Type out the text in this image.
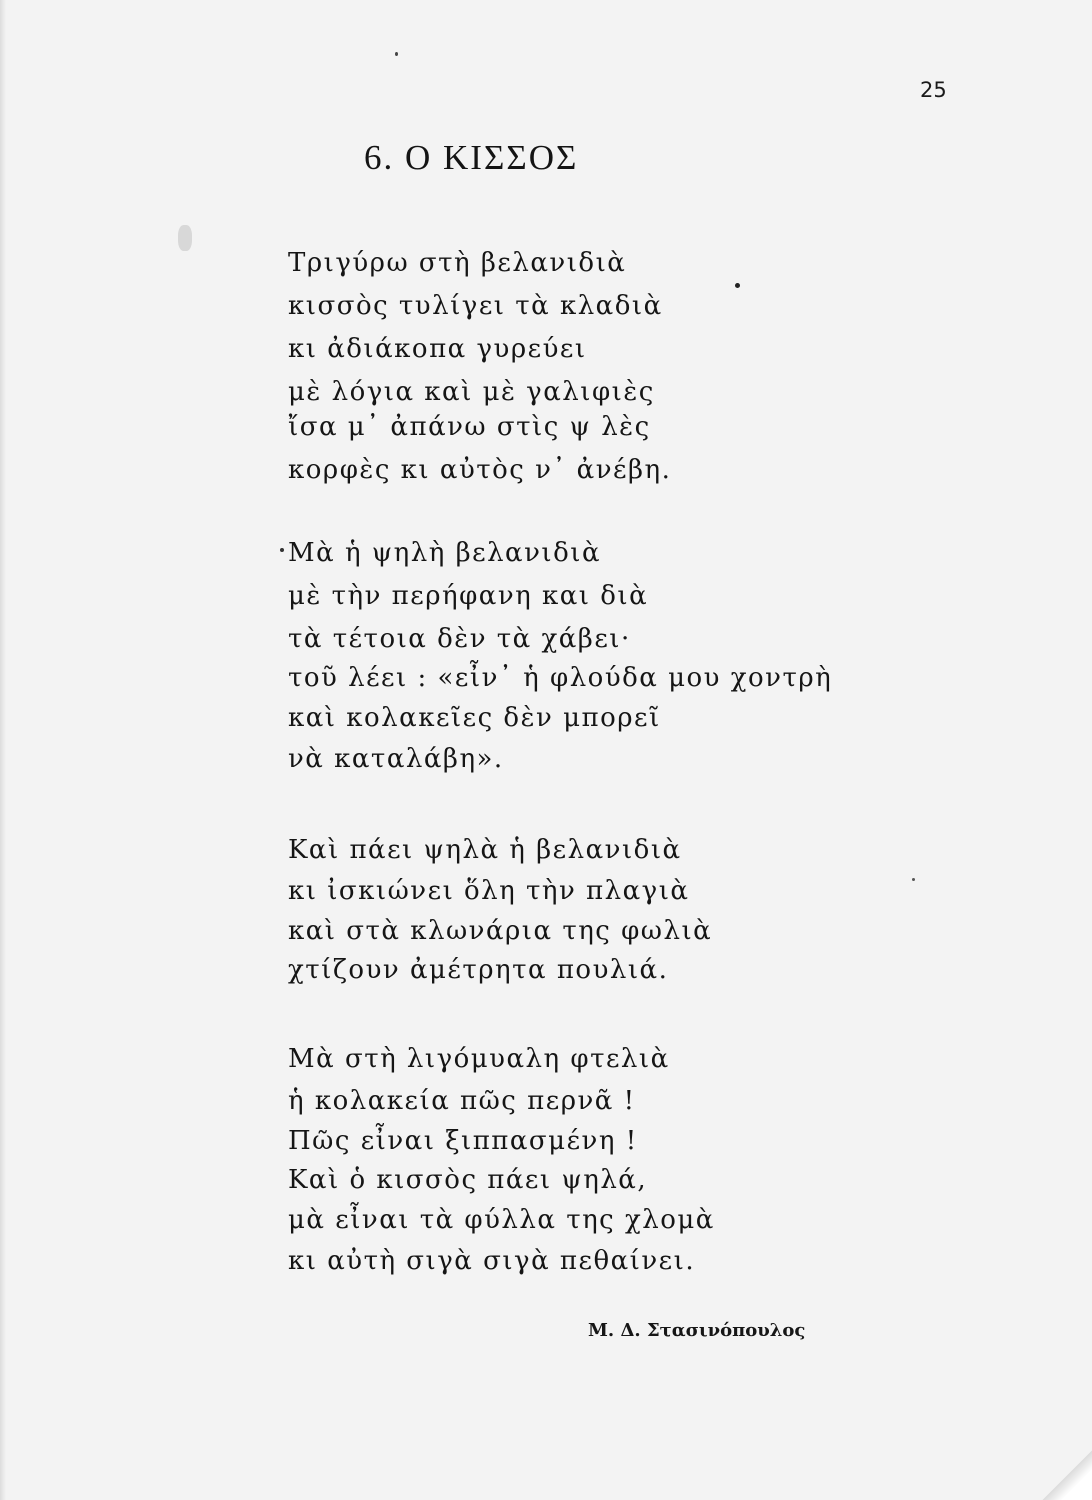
25
6. Ο ΚΙΣΣΟΣ
Τριγύρω στὴ βελανιδιὰ
κισσὸς τυλίγει τὰ κλαδιὰ
κι ἀδιάκοπα γυρεύει
μὲ λόγια καὶ μὲ γαλιφιὲς
ἴσα μ᾿ ἀπάνω στὶς ψ λὲς
κορφὲς κι αὐτὸς ν᾿ ἀνέβη.
Μὰ ἡ ψηλὴ βελανιδιὰ
μὲ τὴν περήφανη και διὰ
τὰ τέτοια δὲν τὰ χάβει·
τοῦ λέει : «εἶν᾿ ἡ φλούδα μου χοντρὴ
καὶ κολακεῖες δὲν μπορεῖ
νὰ καταλάβη».
Καὶ πάει ψηλὰ ἡ βελανιδιὰ
κι ἰσκιώνει ὅλη τὴν πλαγιὰ
καὶ στὰ κλωνάρια της φωλιὰ
χτίζουν ἀμέτρητα πουλιά.
Μὰ στὴ λιγόμυαλη φτελιὰ
ἡ κολακεία πῶς περνᾶ !
Πῶς εἶναι ξιππασμένη !
Καὶ ὁ κισσὸς πάει ψηλά,
μὰ εἶναι τὰ φύλλα της χλομὰ
κι αὐτὴ σιγὰ σιγὰ πεθαίνει.
Μ. Δ. Στασινόπουλος
